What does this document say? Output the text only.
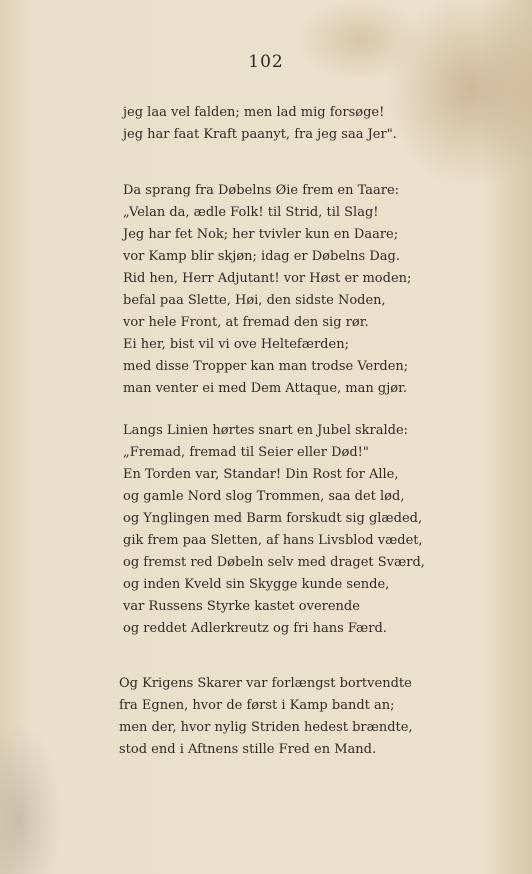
102
jeg laa vel falden; men lad mig forsøge!
jeg har faat Kraft paanyt, fra jeg saa Jer".
Da sprang fra Døbelns Øie frem en Taare:
„Velan da, ædle Folk! til Strid, til Slag!
Jeg har fet Nok; her tvivler kun en Daare;
vor Kamp blir skjøn; idag er Døbelns Dag.
Rid hen, Herr Adjutant! vor Høst er moden;
befal paa Slette, Høi, den sidste Noden,
vor hele Front, at fremad den sig rør.
Ei her, bist vil vi ove Heltefærden;
med disse Tropper kan man trodse Verden;
man venter ei med Dem Attaque, man gjør.
Langs Linien hørtes snart en Jubel skralde:
„Fremad, fremad til Seier eller Død!"
En Torden var, Standar! Din Rost for Alle,
og gamle Nord slog Trommen, saa det lød,
og Ynglingen med Barm forskudt sig glæded,
gik frem paa Sletten, af hans Livsblod vædet,
og fremst red Døbeln selv med draget Sværd,
og inden Kveld sin Skygge kunde sende,
var Russens Styrke kastet overende
og reddet Adlerkreutz og fri hans Færd.
Og Krigens Skarer var forlængst bortvendte
fra Egnen, hvor de først i Kamp bandt an;
men der, hvor nylig Striden hedest brændte,
stod end i Aftnens stille Fred en Mand.
